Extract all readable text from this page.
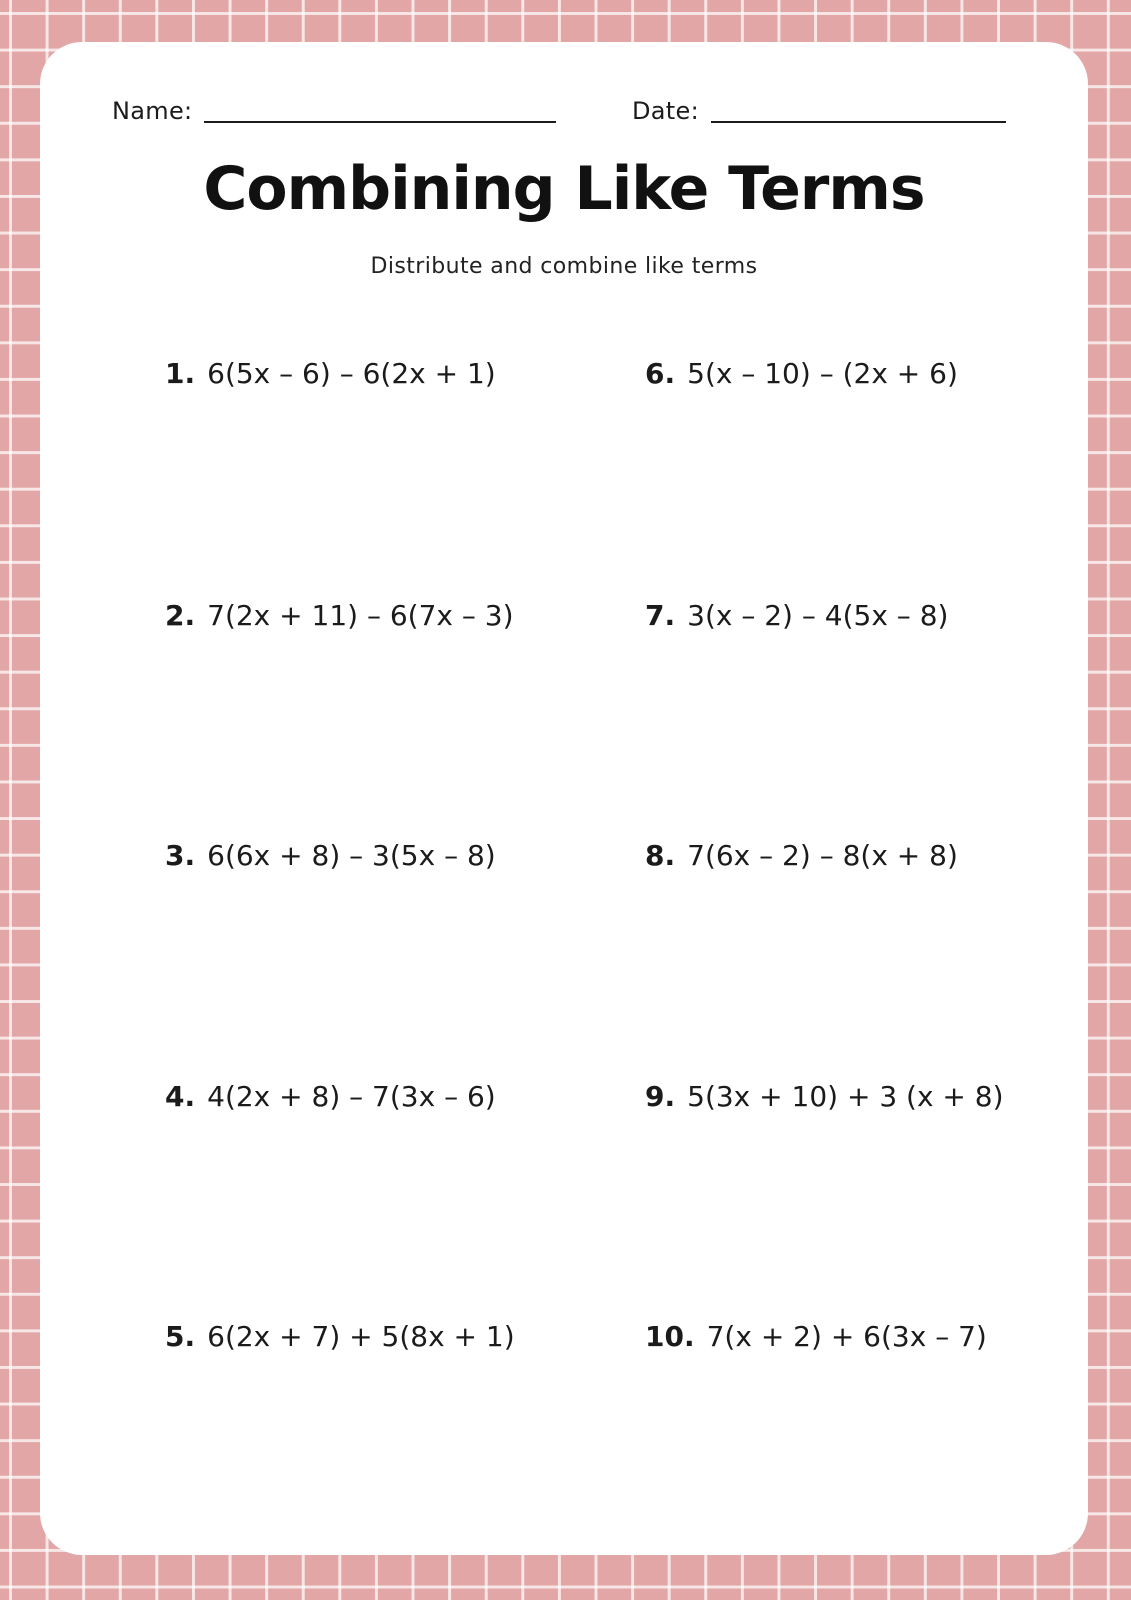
Name:	Date:
Combining Like Terms

Distribute and combine like terms

1. 6(5x – 6) – 6(2x + 1)
2. 7(2x + 11) – 6(7x – 3)
3. 6(6x + 8) – 3(5x – 8)
4. 4(2x + 8) – 7(3x – 6)
5. 6(2x + 7) + 5(8x + 1)
6. 5(x – 10) – (2x + 6)
7. 3(x – 2) – 4(5x – 8)
8. 7(6x – 2) – 8(x + 8)
9. 5(3x + 10) + 3 (x + 8)
10. 7(x + 2) + 6(3x – 7)
